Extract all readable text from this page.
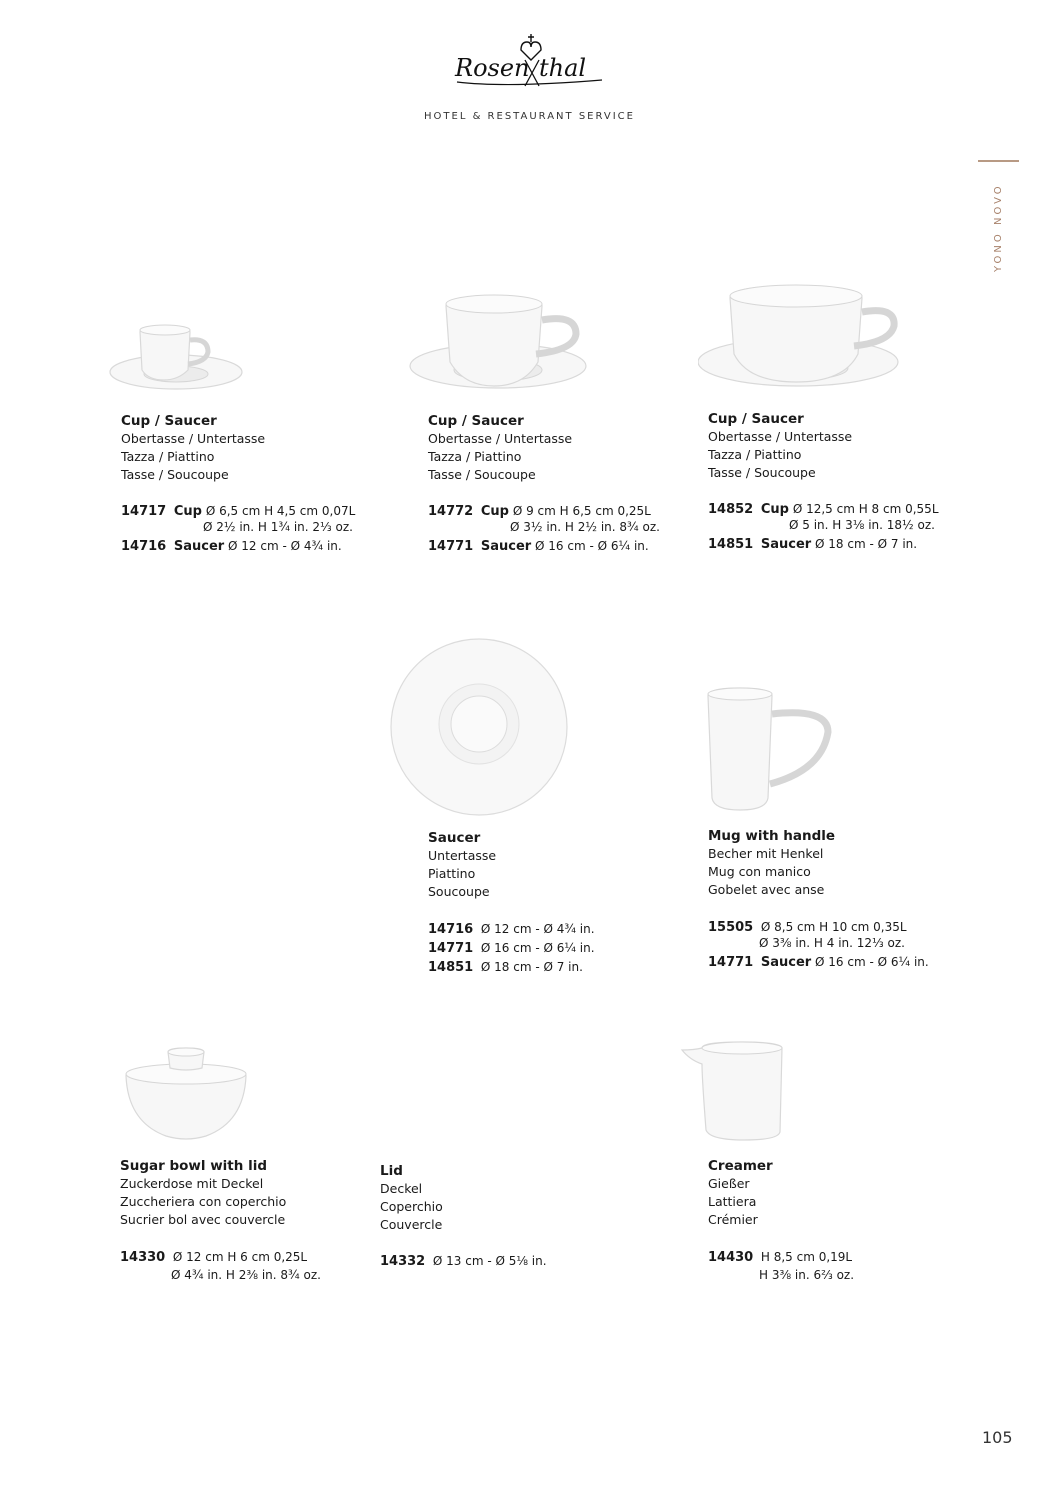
Rosen thal
HOTEL & RESTAURANT SERVICE
YONO NOVO
Cup / Saucer
Obertasse / Untertasse
Tazza / Piattino
Tasse / Soucoupe
14717 Cup Ø 6,5 cm H 4,5 cm 0,07L
Ø 2½ in. H 1¾ in. 2⅓ oz.
14716 Saucer Ø 12 cm - Ø 4¾ in.
Cup / Saucer
Obertasse / Untertasse
Tazza / Piattino
Tasse / Soucoupe
14772 Cup Ø 9 cm H 6,5 cm 0,25L
Ø 3½ in. H 2½ in. 8¾ oz.
14771 Saucer Ø 16 cm - Ø 6¼ in.
Cup / Saucer
Obertasse / Untertasse
Tazza / Piattino
Tasse / Soucoupe
14852 Cup Ø 12,5 cm H 8 cm 0,55L
Ø 5 in. H 3⅛ in. 18½ oz.
14851 Saucer Ø 18 cm - Ø 7 in.
Saucer
Untertasse
Piattino
Soucoupe
14716 Ø 12 cm - Ø 4¾ in.
14771 Ø 16 cm - Ø 6¼ in.
14851 Ø 18 cm - Ø 7 in.
Mug with handle
Becher mit Henkel
Mug con manico
Gobelet avec anse
15505 Ø 8,5 cm H 10 cm 0,35L
Ø 3⅜ in. H 4 in. 12⅓ oz.
14771 Saucer Ø 16 cm - Ø 6¼ in.
Sugar bowl with lid
Zuckerdose mit Deckel
Zuccheriera con coperchio
Sucrier bol avec couvercle
14330 Ø 12 cm H 6 cm 0,25L
Ø 4¾ in. H 2⅜ in. 8¾ oz.
Lid
Deckel
Coperchio
Couvercle
14332 Ø 13 cm - Ø 5⅛ in.
Creamer
Gießer
Lattiera
Crémier
14430 H 8,5 cm 0,19L
H 3⅜ in. 6⅔ oz.
105
